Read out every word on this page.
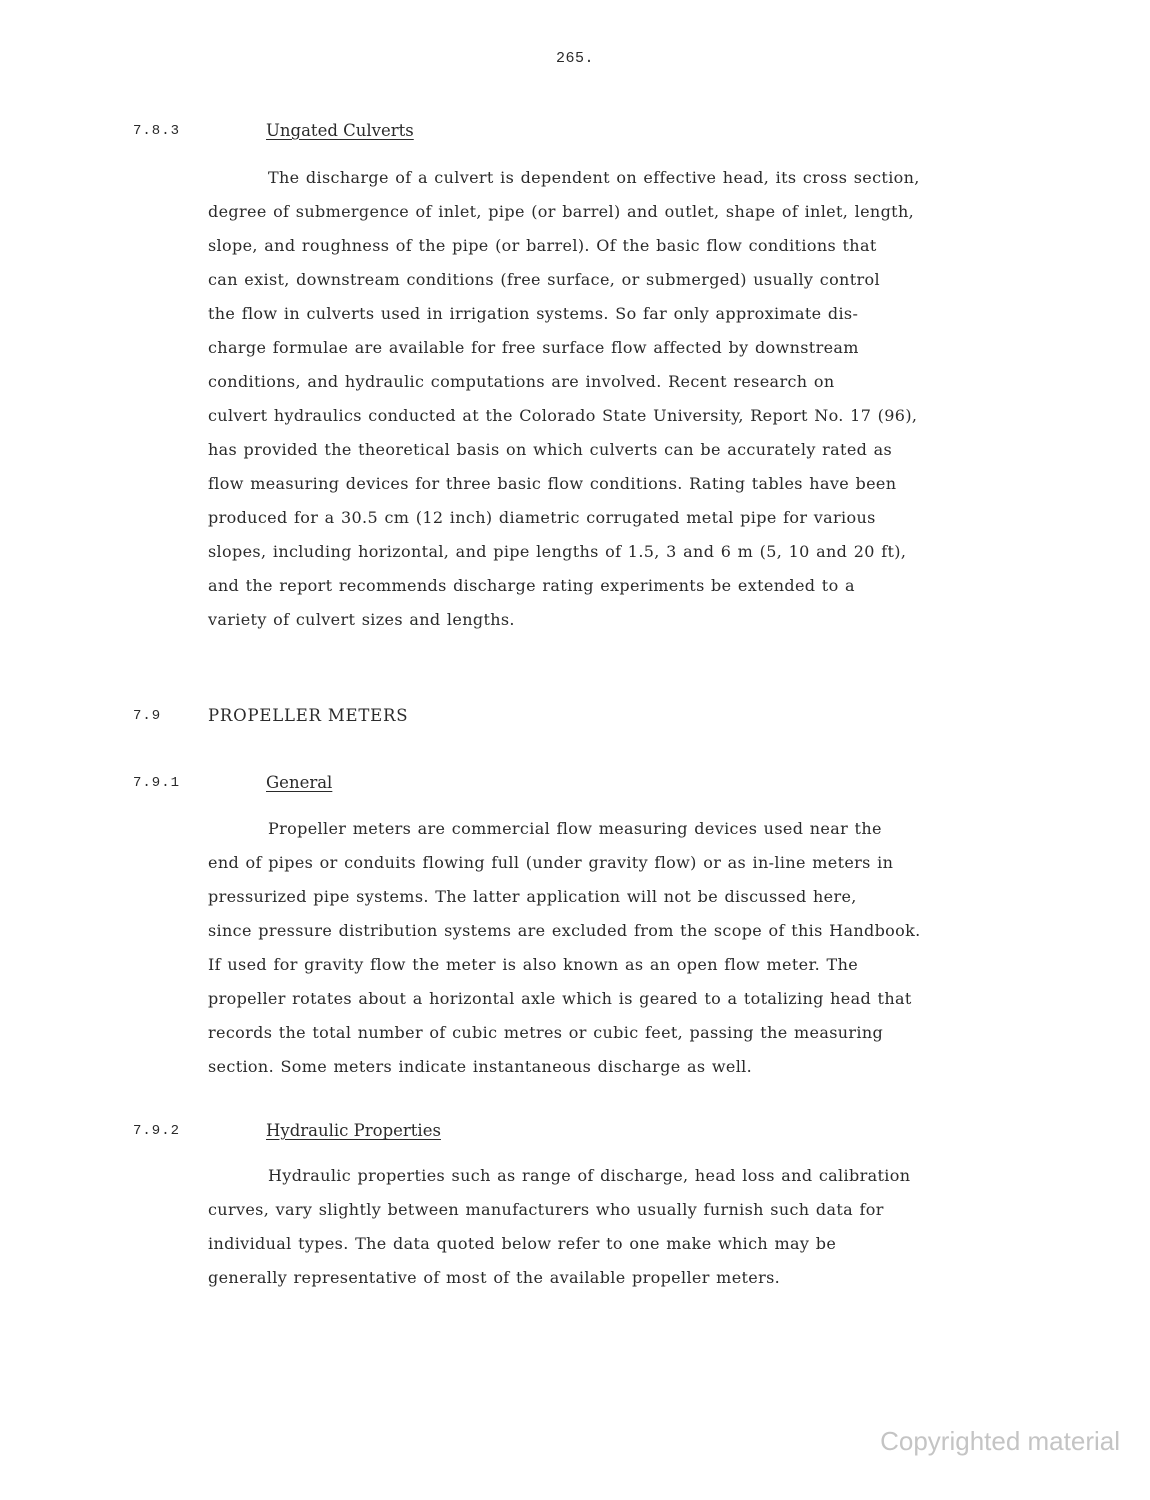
265.
7.8.3	Ungated Culverts

The discharge of a culvert is dependent on effective head, its cross section,
degree of submergence of inlet, pipe (or barrel) and outlet, shape of inlet, length,
slope, and roughness of the pipe (or barrel). Of the basic flow conditions that
can exist, downstream conditions (free surface, or submerged) usually control
the flow in culverts used in irrigation systems. So far only approximate dis-
charge formulae are available for free surface flow affected by downstream
conditions, and hydraulic computations are involved. Recent research on
culvert hydraulics conducted at the Colorado State University, Report No. 17 (96),
has provided the theoretical basis on which culverts can be accurately rated as
flow measuring devices for three basic flow conditions. Rating tables have been
produced for a 30.5 cm (12 inch) diametric corrugated metal pipe for various
slopes, including horizontal, and pipe lengths of 1.5, 3 and 6 m (5, 10 and 20 ft),
and the report recommends discharge rating experiments be extended to a
variety of culvert sizes and lengths.

7.9	PROPELLER METERS
7.9.1	General

Propeller meters are commercial flow measuring devices used near the
end of pipes or conduits flowing full (under gravity flow) or as in-line meters in
pressurized pipe systems. The latter application will not be discussed here,
since pressure distribution systems are excluded from the scope of this Handbook.
If used for gravity flow the meter is also known as an open flow meter. The
propeller rotates about a horizontal axle which is geared to a totalizing head that
records the total number of cubic metres or cubic feet, passing the measuring
section. Some meters indicate instantaneous discharge as well.

7.9.2	Hydraulic Properties

Hydraulic properties such as range of discharge, head loss and calibration
curves, vary slightly between manufacturers who usually furnish such data for
individual types. The data quoted below refer to one make which may be
generally representative of most of the available propeller meters.

Copyrighted material
